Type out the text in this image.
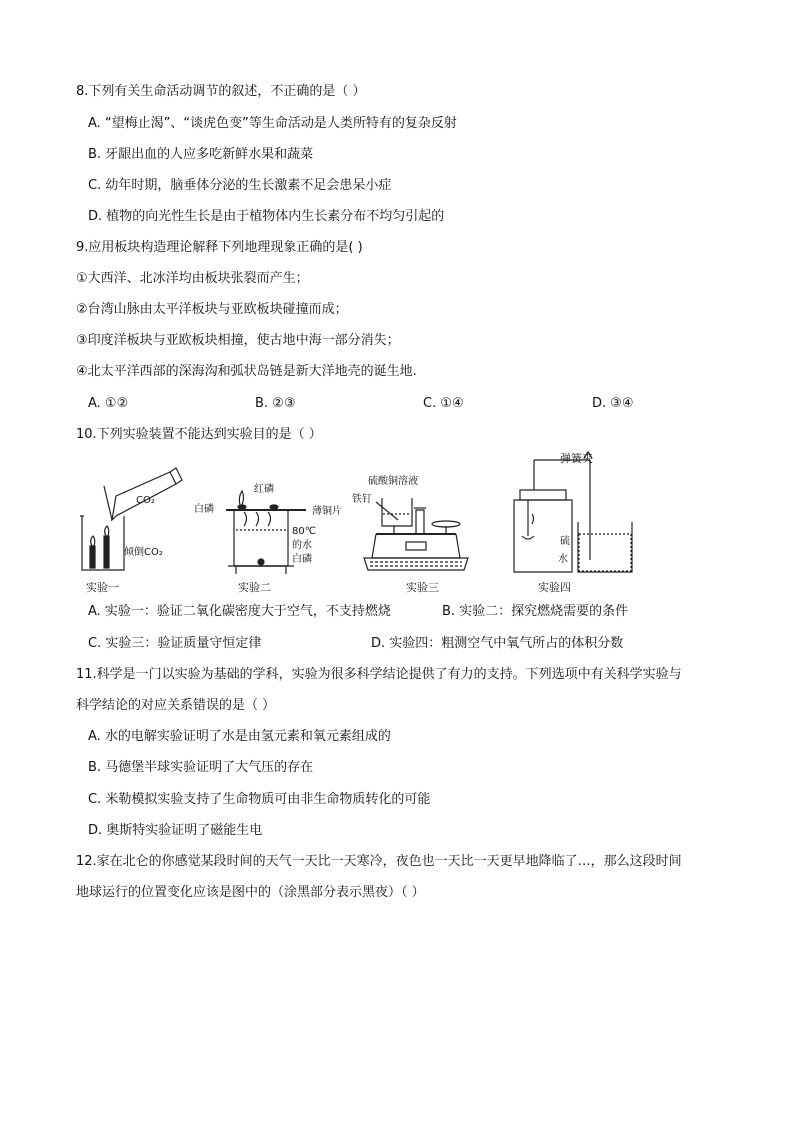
8.下列有关生命活动调节的叙述，不正确的是（ ）
A. “望梅止渴”、“谈虎色变”等生命活动是人类所特有的复杂反射
B. 牙龈出血的人应多吃新鲜水果和蔬菜
C. 幼年时期，脑垂体分泌的生长激素不足会患呆小症
D. 植物的向光性生长是由于植物体内生长素分布不均匀引起的
9.应用板块构造理论解释下列地理现象正确的是( )
①大西洋、北冰洋均由板块张裂而产生；
②台湾山脉由太平洋板块与亚欧板块碰撞而成；
③印度洋板块与亚欧板块相撞，使古地中海一部分消失；
④北太平洋西部的深海沟和弧状岛链是新大洋地壳的诞生地.
A. ①②	B. ②③	C. ①④	D. ③④
10.下列实验装置不能达到实验目的是（ ）
CO₂
倾倒CO₂
实验一
红磷
白磷	薄铜片
80℃
的水
白磷
实验二
硫酸铜溶液
铁钉
实验三
弹簧夹
硫
水
实验四
A. 实验一：验证二氧化碳密度大于空气，不支持燃烧	B. 实验二：探究燃烧需要的条件
C. 实验三：验证质量守恒定律	D. 实验四：粗测空气中氧气所占的体积分数
11.科学是一门以实验为基础的学科，实验为很多科学结论提供了有力的支持。下列选项中有关科学实验与
科学结论的对应关系错误的是（ ）
A. 水的电解实验证明了水是由氢元素和氧元素组成的
B. 马德堡半球实验证明了大气压的存在
C. 米勒模拟实验支持了生命物质可由非生命物质转化的可能
D. 奥斯特实验证明了磁能生电
12.家在北仑的你感觉某段时间的天气一天比一天寒冷，夜色也一天比一天更早地降临了…，那么这段时间
地球运行的位置变化应该是图中的（涂黑部分表示黑夜）（ ）
